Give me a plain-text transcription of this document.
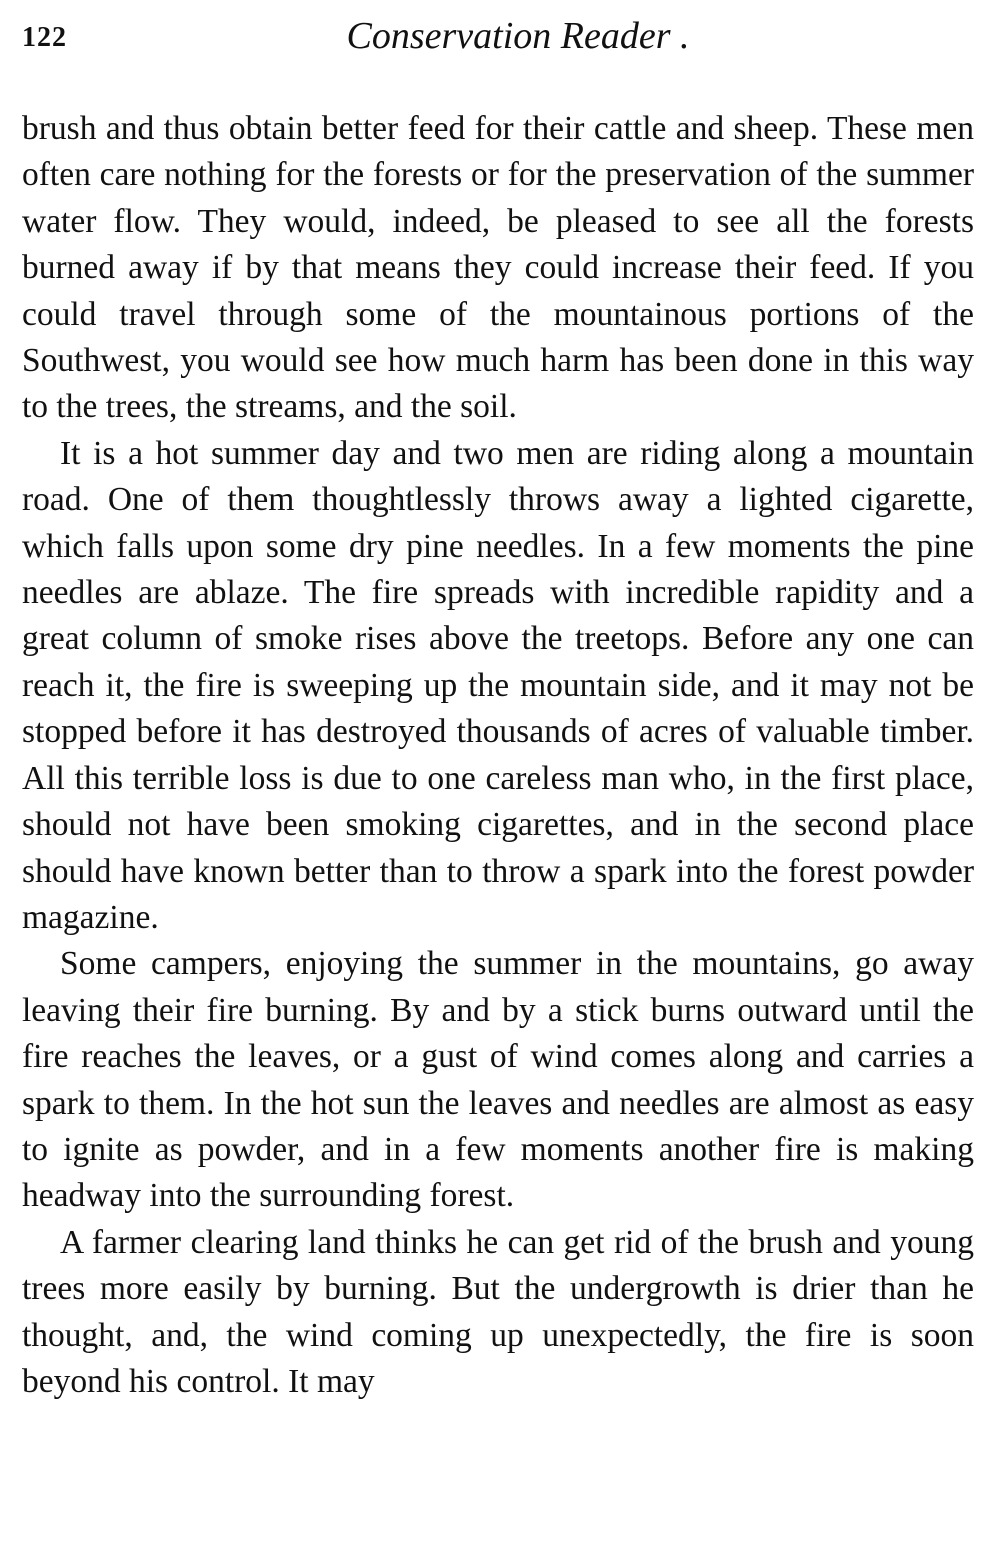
122	Conservation Reader .

brush and thus obtain better feed for their cattle and sheep. These men often care nothing for the forests or for the preservation of the summer water flow. They would, indeed, be pleased to see all the forests burned away if by that means they could increase their feed. If you could travel through some of the mountainous portions of the Southwest, you would see how much harm has been done in this way to the trees, the streams, and the soil.

It is a hot summer day and two men are riding along a mountain road. One of them thoughtlessly throws away a lighted cigarette, which falls upon some dry pine needles. In a few moments the pine needles are ablaze. The fire spreads with incredible rapidity and a great column of smoke rises above the treetops. Before any one can reach it, the fire is sweeping up the mountain side, and it may not be stopped before it has destroyed thousands of acres of valuable timber. All this terrible loss is due to one careless man who, in the first place, should not have been smoking cigarettes, and in the second place should have known better than to throw a spark into the forest powder magazine.

Some campers, enjoying the summer in the mountains, go away leaving their fire burning. By and by a stick burns outward until the fire reaches the leaves, or a gust of wind comes along and carries a spark to them. In the hot sun the leaves and needles are almost as easy to ignite as powder, and in a few moments another fire is making headway into the surrounding forest.

A farmer clearing land thinks he can get rid of the brush and young trees more easily by burning. But the undergrowth is drier than he thought, and, the wind coming up unexpectedly, the fire is soon beyond his control. It may
